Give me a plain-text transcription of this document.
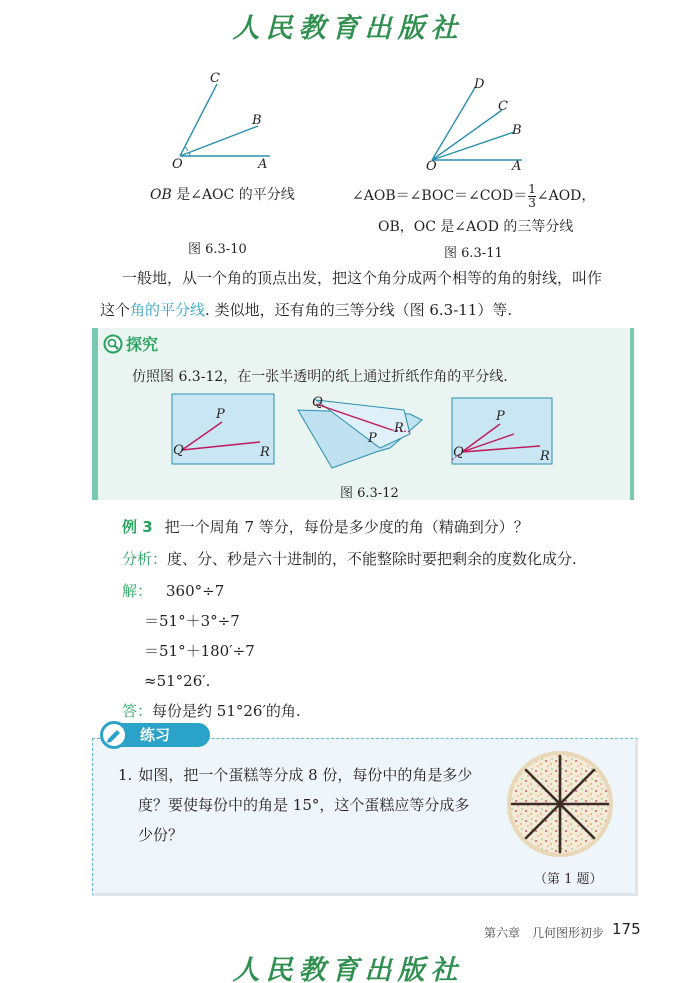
人民教育出版社
C
B
O	A
OB 是∠AOC 的平分线
图 6.3-10
D
C
B
O	A
∠AOB＝∠BOC＝∠COD＝ $\frac{1}{3}$ ∠AOD，
OB，OC 是∠AOD 的三等分线
图 6.3-11
一般地，从一个角的顶点出发，把这个角分成两个相等的角的射线，叫作
这个角的平分线. 类似地，还有角的三等分线（图 6.3-11）等.
探究
仿照图 6.3-12，在一张半透明的纸上通过折纸作角的平分线.
P
Q	R
Q
P
R
P
Q	R
图 6.3-12
例 3 把一个周角 7 等分，每份是多少度的角（精确到分）？
分析：度、分、秒是六十进制的，不能整除时要把剩余的度数化成分.
解： 360°÷7
＝51°＋3°÷7
＝51°＋180′÷7
≈51°26′.
答：每份是约 51°26′的角.
练习
1. 如图，把一个蛋糕等分成 8 份，每份中的角是多少
度？要使每份中的角是 15°，这个蛋糕应等分成多
少份？
（第 1 题）
第六章　几何图形初步 175
人民教育出版社
